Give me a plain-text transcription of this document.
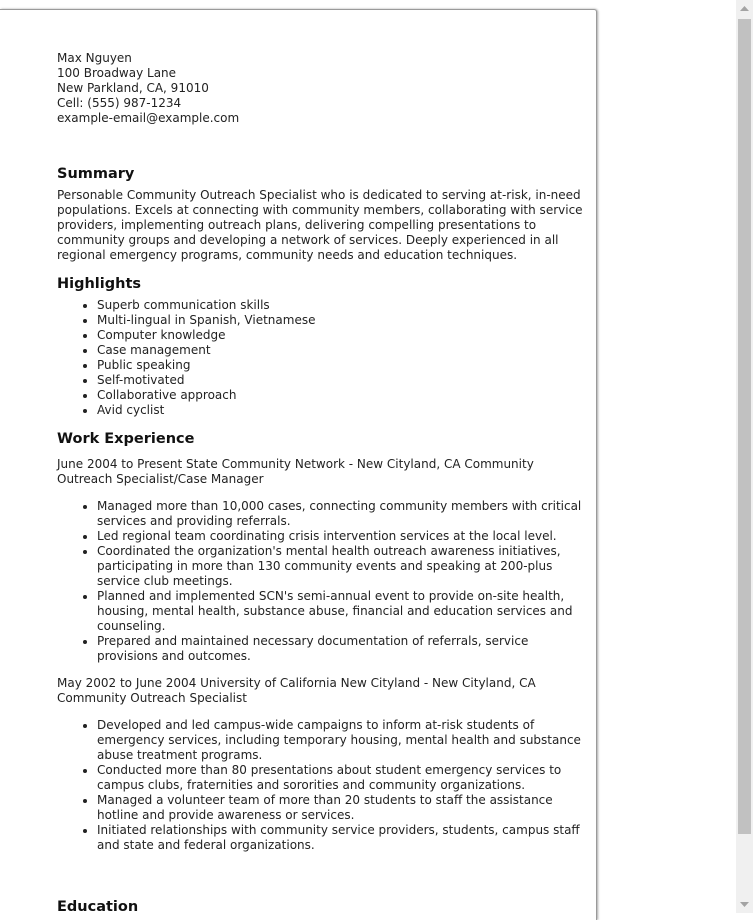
Max Nguyen
100 Broadway Lane
New Parkland, CA, 91010
Cell: (555) 987-1234
example-email@example.com
Summary

Personable Community Outreach Specialist who is dedicated to serving at-risk, in-need populations. Excels at connecting with community members, collaborating with service providers, implementing outreach plans, delivering compelling presentations to community groups and developing a network of services. Deeply experienced in all regional emergency programs, community needs and education techniques.

Highlights
• Superb communication skills
• Multi-lingual in Spanish, Vietnamese
• Computer knowledge
• Case management
• Public speaking
• Self-motivated
• Collaborative approach
• Avid cyclist
Work Experience

June 2004 to Present State Community Network - New Cityland, CA Community Outreach Specialist/Case Manager

• Managed more than 10,000 cases, connecting community members with critical services and providing referrals.
• Led regional team coordinating crisis intervention services at the local level.
• Coordinated the organization's mental health outreach awareness initiatives, participating in more than 130 community events and speaking at 200-plus service club meetings.
• Planned and implemented SCN's semi-annual event to provide on-site health, housing, mental health, substance abuse, financial and education services and counseling.
• Prepared and maintained necessary documentation of referrals, service provisions and outcomes.

May 2002 to June 2004 University of California New Cityland - New Cityland, CA Community Outreach Specialist

• Developed and led campus-wide campaigns to inform at-risk students of emergency services, including temporary housing, mental health and substance abuse treatment programs.
• Conducted more than 80 presentations about student emergency services to campus clubs, fraternities and sororities and community organizations.
• Managed a volunteer team of more than 20 students to staff the assistance hotline and provide awareness or services.
• Initiated relationships with community service providers, students, campus staff and state and federal organizations.
Education
